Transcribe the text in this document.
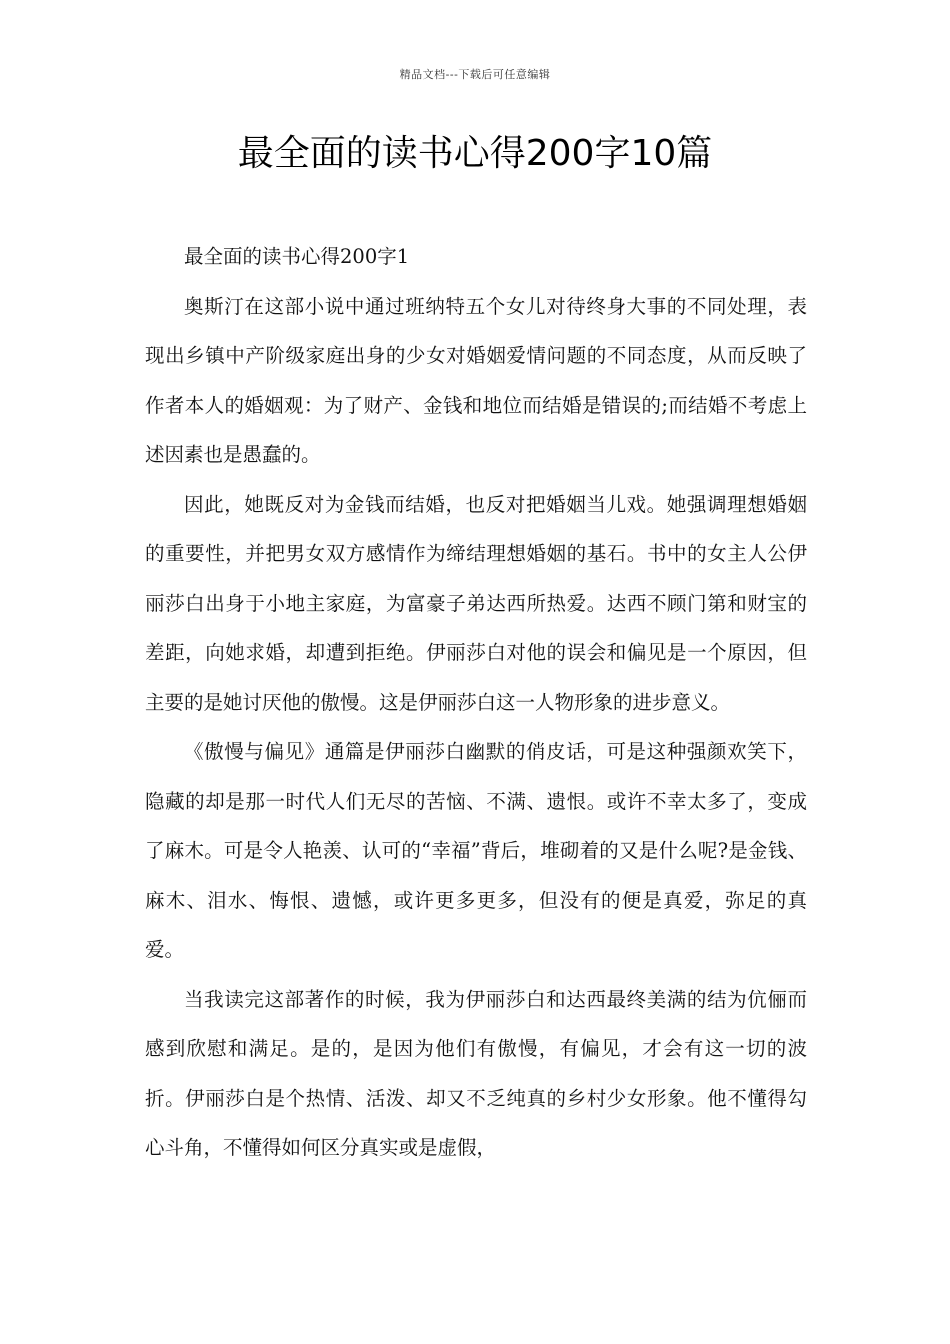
精品文档---下载后可任意编辑
最全面的读书心得200字10篇

最全面的读书心得200字1

奥斯汀在这部小说中通过班纳特五个女儿对待终身大事的不同处理，表现出乡镇中产阶级家庭出身的少女对婚姻爱情问题的不同态度，从而反映了作者本人的婚姻观：为了财产、金钱和地位而结婚是错误的;而结婚不考虑上述因素也是愚蠢的。

因此，她既反对为金钱而结婚，也反对把婚姻当儿戏。她强调理想婚姻的重要性，并把男女双方感情作为缔结理想婚姻的基石。书中的女主人公伊丽莎白出身于小地主家庭，为富豪子弟达西所热爱。达西不顾门第和财宝的差距，向她求婚，却遭到拒绝。伊丽莎白对他的误会和偏见是一个原因，但主要的是她讨厌他的傲慢。这是伊丽莎白这一人物形象的进步意义。

《傲慢与偏见》通篇是伊丽莎白幽默的俏皮话，可是这种强颜欢笑下，隐藏的却是那一时代人们无尽的苦恼、不满、遗恨。或许不幸太多了，变成了麻木。可是令人艳羡、认可的“幸福”背后，堆砌着的又是什么呢?是金钱、麻木、泪水、悔恨、遗憾，或许更多更多，但没有的便是真爱，弥足的真爱。

当我读完这部著作的时候，我为伊丽莎白和达西最终美满的结为伉俪而感到欣慰和满足。是的，是因为他们有傲慢，有偏见，才会有这一切的波折。伊丽莎白是个热情、活泼、却又不乏纯真的乡村少女形象。他不懂得勾心斗角，不懂得如何区分真实或是虚假，
